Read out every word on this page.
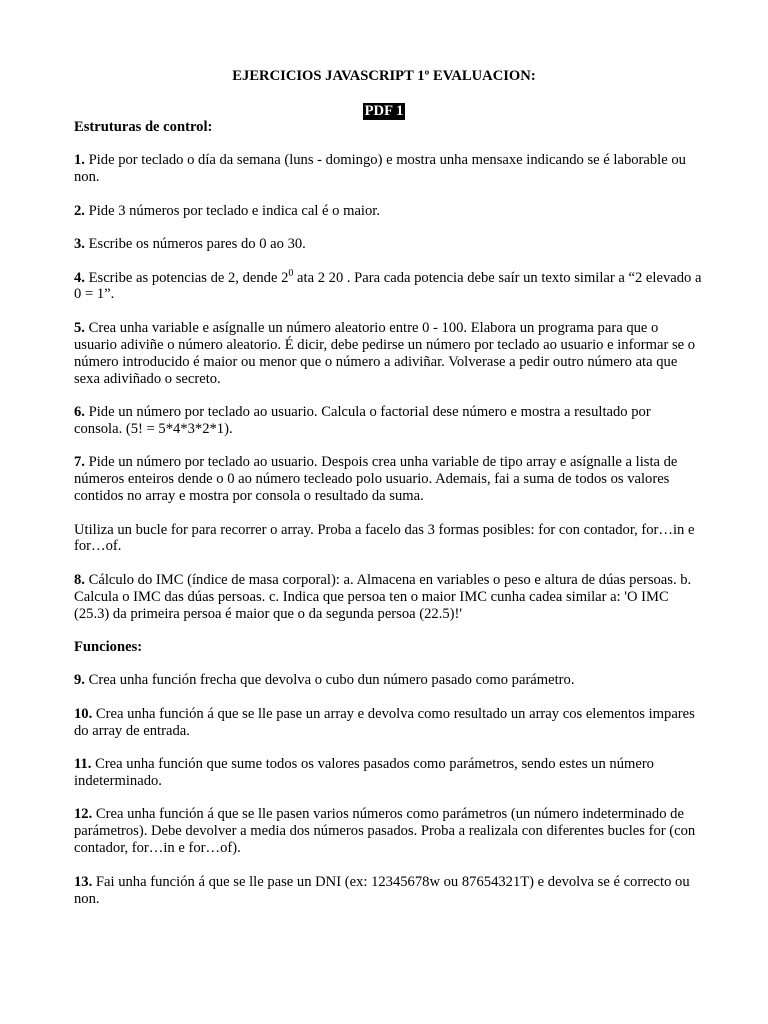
EJERCICIOS JAVASCRIPT 1º EVALUACION:
PDF 1

Estruturas de control:

1. Pide por teclado o día da semana (luns - domingo) e mostra unha mensaxe indicando se é laborable ou non.

2. Pide 3 números por teclado e indica cal é o maior.

3. Escribe os números pares do 0 ao 30.

4. Escribe as potencias de 2, dende $2^0$ ata 2 20 . Para cada potencia debe saír un texto similar a “2 elevado a 0 = 1”.

5. Crea unha variable e asígnalle un número aleatorio entre 0 - 100. Elabora un programa para que o usuario adiviñe o número aleatorio. É dicir, debe pedirse un número por teclado ao usuario e informar se o número introducido é maior ou menor que o número a adiviñar. Volverase a pedir outro número ata que sexa adiviñado o secreto.

6. Pide un número por teclado ao usuario. Calcula o factorial dese número e mostra a resultado por consola. (5! = 5*4*3*2*1).

7. Pide un número por teclado ao usuario. Despois crea unha variable de tipo array e asígnalle a lista de números enteiros dende o 0 ao número tecleado polo usuario. Ademais, fai a suma de todos os valores contidos no array e mostra por consola o resultado da suma.

Utiliza un bucle for para recorrer o array. Proba a facelo das 3 formas posibles: for con contador, for…in e for…of.

8. Cálculo do IMC (índice de masa corporal): a. Almacena en variables o peso e altura de dúas persoas. b. Calcula o IMC das dúas persoas. c. Indica que persoa ten o maior IMC cunha cadea similar a: 'O IMC (25.3) da primeira persoa é maior que o da segunda persoa (22.5)!'

Funciones:

9. Crea unha función frecha que devolva o cubo dun número pasado como parámetro.

10. Crea unha función á que se lle pase un array e devolva como resultado un array cos elementos impares do array de entrada.

11. Crea unha función que sume todos os valores pasados como parámetros, sendo estes un número indeterminado.

12. Crea unha función á que se lle pasen varios números como parámetros (un número indeterminado de parámetros). Debe devolver a media dos números pasados. Proba a realizala con diferentes bucles for (con contador, for…in e for…of).

13. Fai unha función á que se lle pase un DNI (ex: 12345678w ou 87654321T) e devolva se é correcto ou non.
